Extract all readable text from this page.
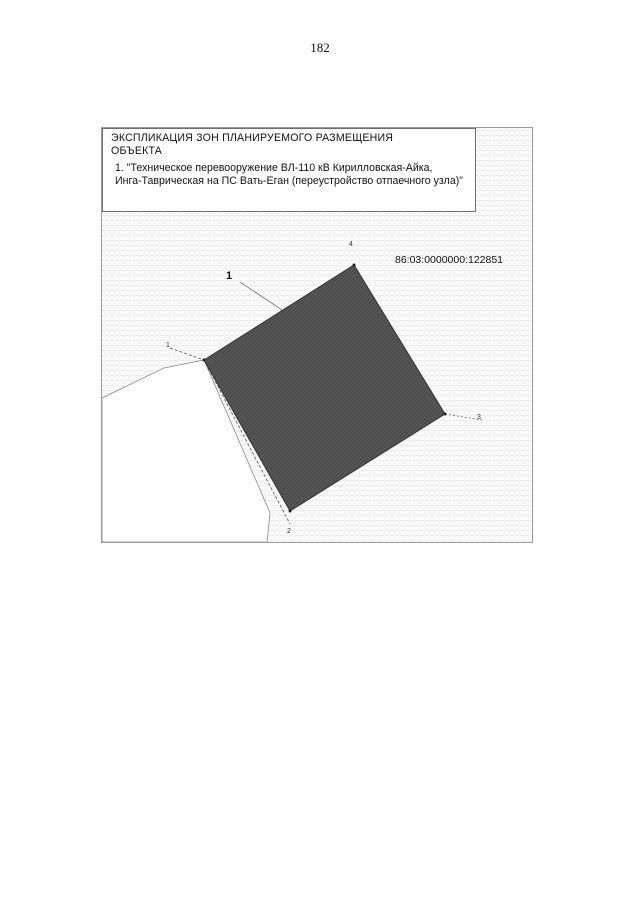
182
ЭКСПЛИКАЦИЯ ЗОН ПЛАНИРУЕМОГО РАЗМЕЩЕНИЯ
ОБЪЕКТА
1. "Техническое перевооружение ВЛ-110 кВ Кирилловская-Айка,
Инга-Тавричеcкая на ПС Вать-Еган (переустройство отпаечного узла)"
86:03:0000000:122851
1
1
2
3
4
